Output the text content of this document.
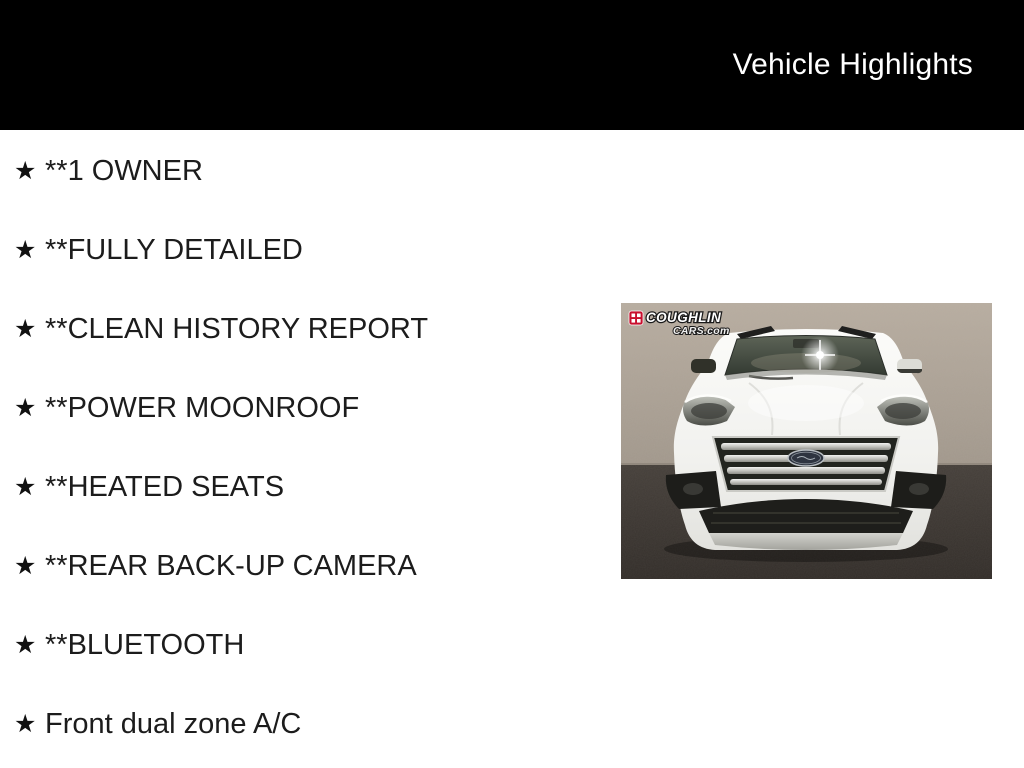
Vehicle Highlights
★ **1 OWNER
★ **FULLY DETAILED
★ **CLEAN HISTORY REPORT
★ **POWER MOONROOF
★ **HEATED SEATS
★ **REAR BACK-UP CAMERA
★ **BLUETOOTH
★ Front dual zone A/C
COUGHLIN
CARS.com
